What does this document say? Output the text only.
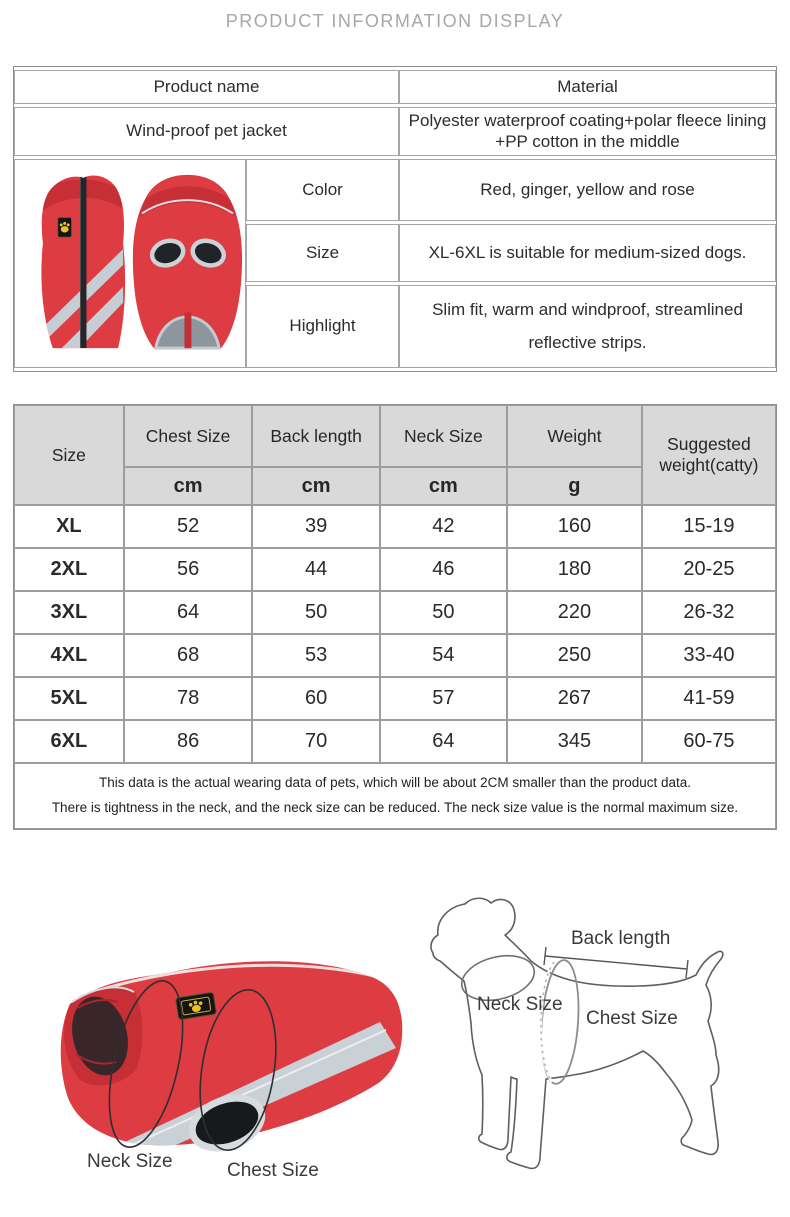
PRODUCT INFORMATION DISPLAY
Product name		Material
Wind-proof pet jacket		Polyester waterproof coating+polar fleece lining +PP cotton in the middle
	Color	Red, ginger, yellow and rose
	Size	XL-6XL is suitable for medium-sized dogs.
	Highlight	Slim fit, warm and windproof, streamlined reflective strips.
Size	Chest Size	Back length	Neck Size	Weight	Suggested weight(catty)
	cm	cm	cm	g	
XL	52	39	42	160	15-19
2XL	56	44	46	180	20-25
3XL	64	50	50	220	26-32
4XL	68	53	54	250	33-40
5XL	78	60	57	267	41-59
6XL	86	70	64	345	60-75

This data is the actual wearing data of pets, which will be about 2CM smaller than the product data.
There is tightness in the neck, and the neck size can be reduced. The neck size value is the normal maximum size.					
Neck Size	Chest Size
Back length
Neck Size
Chest Size
